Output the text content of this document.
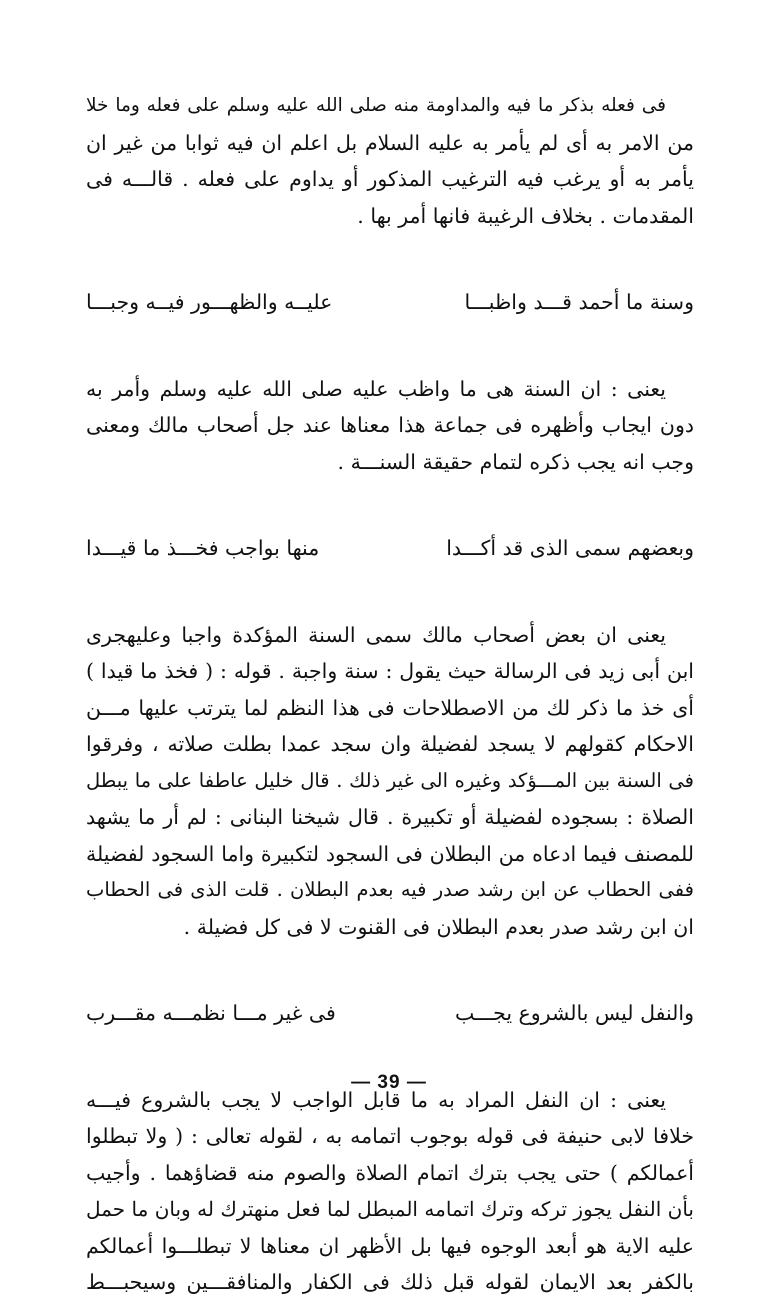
فى فعله بذكر ما فيه والمداومة منه صلى الله عليه وسلم على فعله وما خلا
من الامر به أى لم يأمر به عليه السلام بل اعلم ان فيه ثوابا من غير ان
يأمر به أو يرغب فيه الترغيب المذكور أو يداوم على فعله . قالـــه فى
المقدمات . بخلاف الرغيبة فانها أمر بها .
وسنة ما أحمد قـــد واظبـــا
عليــه والظهـــور فيــه وجبـــا
يعنى : ان السنة هى ما واظب عليه صلى الله عليه وسلم وأمر به
دون ايجاب وأظهره فى جماعة هذا معناها عند جل أصحاب مالك ومعنى
وجب انه يجب ذكره لتمام حقيقة السنـــة .
وبعضهم سمى الذى قد أكـــدا
منها بواجب فخـــذ ما قيـــدا
يعنى ان بعض أصحاب مالك سمى السنة المؤكدة واجبا وعليهجرى
ابن أبى زيد فى الرسالة حيث يقول : سنة واجبة . قوله : ( فخذ ما قيدا )
أى خذ ما ذكر لك من الاصطلاحات فى هذا النظم لما يترتب عليها مـــن
الاحكام كقولهم لا يسجد لفضيلة وان سجد عمدا بطلت صلاته ، وفرقوا
فى السنة بين المـــؤكد وغيره الى غير ذلك . قال خليل عاطفا على ما يبطل
الصلاة : بسجوده لفضيلة أو تكبيرة . قال شيخنا البنانى : لم أر ما يشهد
للمصنف فيما ادعاه من البطلان فى السجود لتكبيرة واما السجود لفضيلة
ففى الحطاب عن ابن رشد صدر فيه بعدم البطلان . قلت الذى فى الحطاب
ان ابن رشد صدر بعدم البطلان فى القنوت لا فى كل فضيلة .
والنفل ليس بالشروع يجـــب
فى غير مـــا نظمـــه مقـــرب
يعنى : ان النفل المراد به ما قابل الواجب لا يجب بالشروع فيـــه
خلافا لابى حنيفة فى قوله بوجوب اتمامه به ، لقوله تعالى : ( ولا تبطلوا
أعمالكم ) حتى يجب بترك اتمام الصلاة والصوم منه قضاؤهما . وأجيب
بأن النفل يجوز تركه وترك اتمامه المبطل لما فعل منهترك له وبان ما حمل
عليه الاية هو أبعد الوجوه فيها بل الأظهر ان معناها لا تبطلـــوا أعمالكم
بالكفر بعد الايمان لقوله قبل ذلك فى الكفار والمنافقـــين وسيحبـــط
— 39 —
